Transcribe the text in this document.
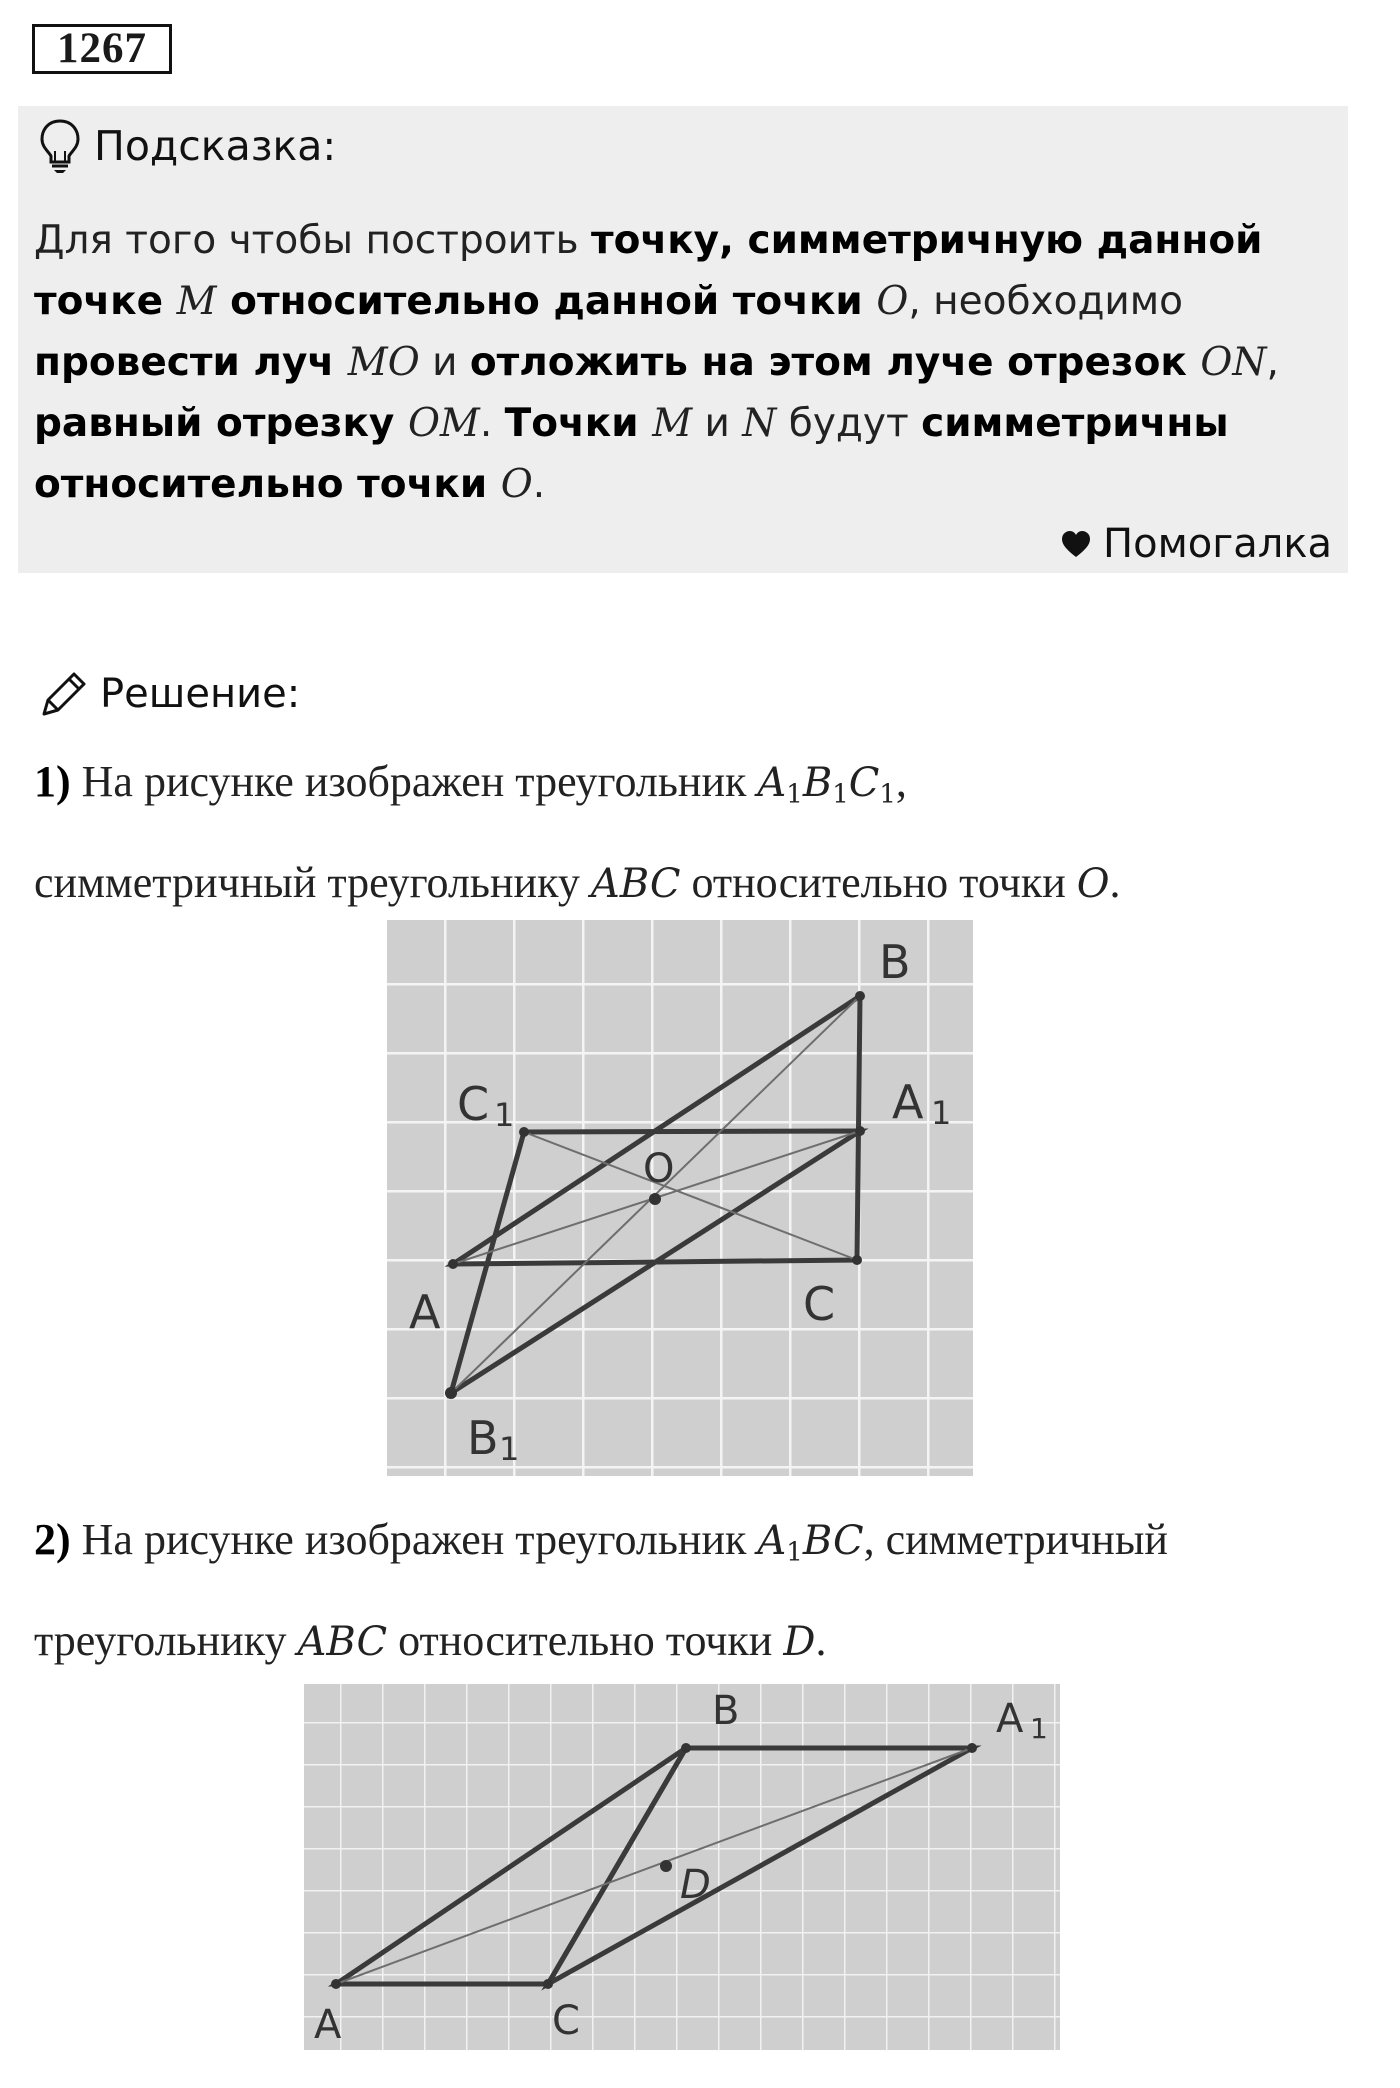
1267
Подсказка:

Для того чтобы построить точку, симметричную данной

точке M относительно данной точки O, необходимо

провести луч MO и отложить на этом луче отрезок ON,

равный отрезку OM. Точки M и N будут симметричны

относительно точки O.

Помогалка
Решение:

1) На рисунке изображен треугольник $A_1B_1C_1$,

симметричный треугольнику ABC относительно точки O.

B
C 1	A 1
O
A	C
B 1

2) На рисунке изображен треугольник $A_1BC$, симметричный

треугольнику ABC относительно точки D.

B	A 1
D
A	C
